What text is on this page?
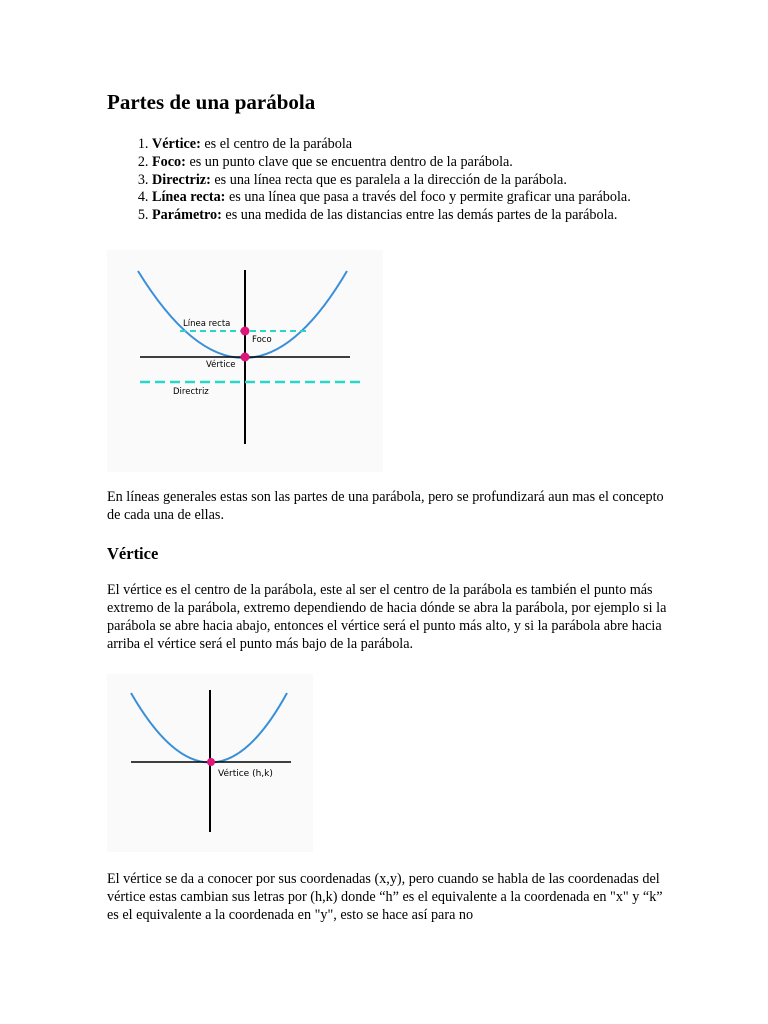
Partes de una parábola
1. Vértice: es el centro de la parábola
2. Foco: es un punto clave que se encuentra dentro de la parábola.
3. Directriz: es una línea recta que es paralela a la dirección de la parábola.
4. Línea recta: es una línea que pasa a través del foco y permite graficar una parábola.
5. Parámetro: es una medida de las distancias entre las demás partes de la parábola.

En líneas generales estas son las partes de una parábola, pero se profundizará aun mas el concepto de cada una de ellas.

Vértice

El vértice es el centro de la parábola, este al ser el centro de la parábola es también el punto más extremo de la parábola, extremo dependiendo de hacia dónde se abra la parábola, por ejemplo si la parábola se abre hacia abajo, entonces el vértice será el punto más alto, y si la parábola abre hacia arriba el vértice será el punto más bajo de la parábola.

El vértice se da a conocer por sus coordenadas (x,y), pero cuando se habla de las coordenadas del vértice estas cambian sus letras por (h,k) donde “h” es el equivalente a la coordenada en "x" y “k” es el equivalente a la coordenada en "y", esto se hace así para no

Línea recta
Foco
Vértice
Directriz
Vértice (h,k)
